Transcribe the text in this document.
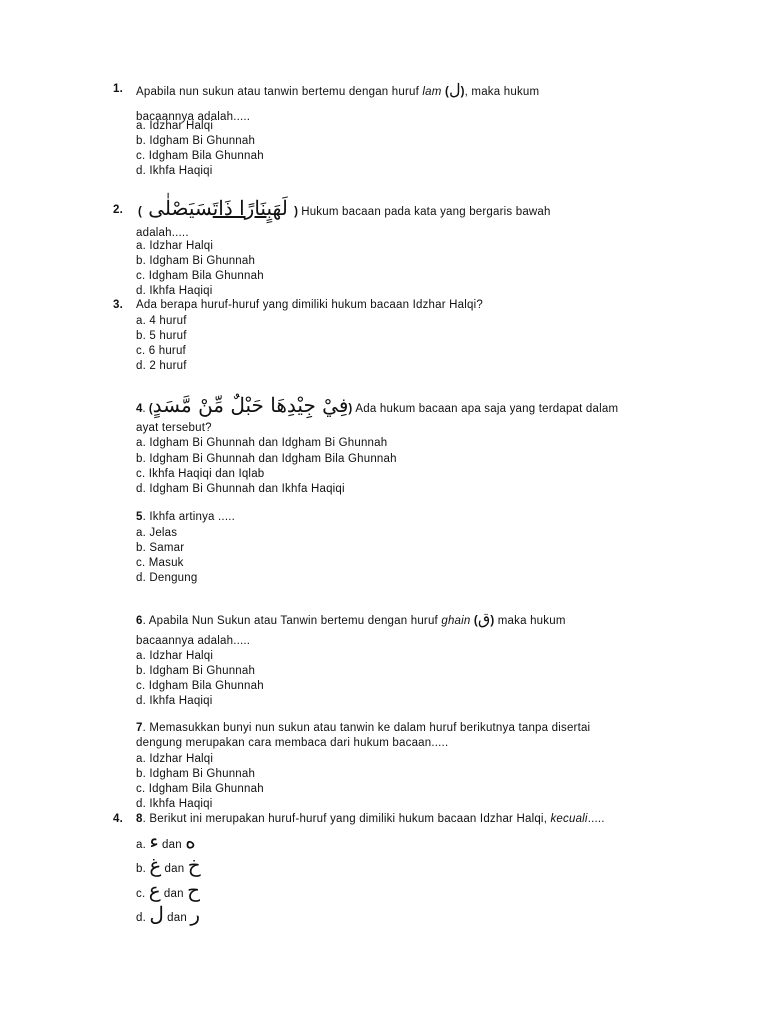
1. Apabila nun sukun atau tanwin bertemu dengan huruf lam (ل), maka hukum
bacaannya adalah.....
a. Idzhar Halqi
b. Idgham Bi Ghunnah
c. Idgham Bila Ghunnah
d. Ikhfa Haqiqi
2. (	لَهَبٍنَارًا ذَاتَسَيَصْلٰى	) Hukum bacaan pada kata yang bergaris bawah
adalah.....
a. Idzhar Halqi
b. Idgham Bi Ghunnah
c. Idgham Bila Ghunnah
d. Ikhfa Haqiqi
3. Ada berapa huruf-huruf yang dimiliki hukum bacaan Idzhar Halqi?
a. 4 huruf
b. 5 huruf
c. 6 huruf
d. 2 huruf
4. (فِيْ جِيْدِهَا حَبْلٌ مِّنْ مَّسَدٍ) Ada hukum bacaan apa saja yang terdapat dalam
ayat tersebut?
a. Idgham Bi Ghunnah dan Idgham Bi Ghunnah
b. Idgham Bi Ghunnah dan Idgham Bila Ghunnah
c. Ikhfa Haqiqi dan Iqlab
d. Idgham Bi Ghunnah dan Ikhfa Haqiqi
5. Ikhfa artinya .....
a. Jelas
b. Samar
c. Masuk
d. Dengung
6. Apabila Nun Sukun atau Tanwin bertemu dengan huruf ghain (ق) maka hukum
bacaannya adalah.....
a. Idzhar Halqi
b. Idgham Bi Ghunnah
c. Idgham Bila Ghunnah
d. Ikhfa Haqiqi
7. Memasukkan bunyi nun sukun atau tanwin ke dalam huruf berikutnya tanpa disertai
dengung merupakan cara membaca dari hukum bacaan.....
a. Idzhar Halqi
b. Idgham Bi Ghunnah
c. Idgham Bila Ghunnah
d. Ikhfa Haqiqi
4. 8. Berikut ini merupakan huruf-huruf yang dimiliki hukum bacaan Idzhar Halqi, kecuali.....
a. ء dan ه
b. غ dan خ
c. ع dan ح
d. ل dan ر
